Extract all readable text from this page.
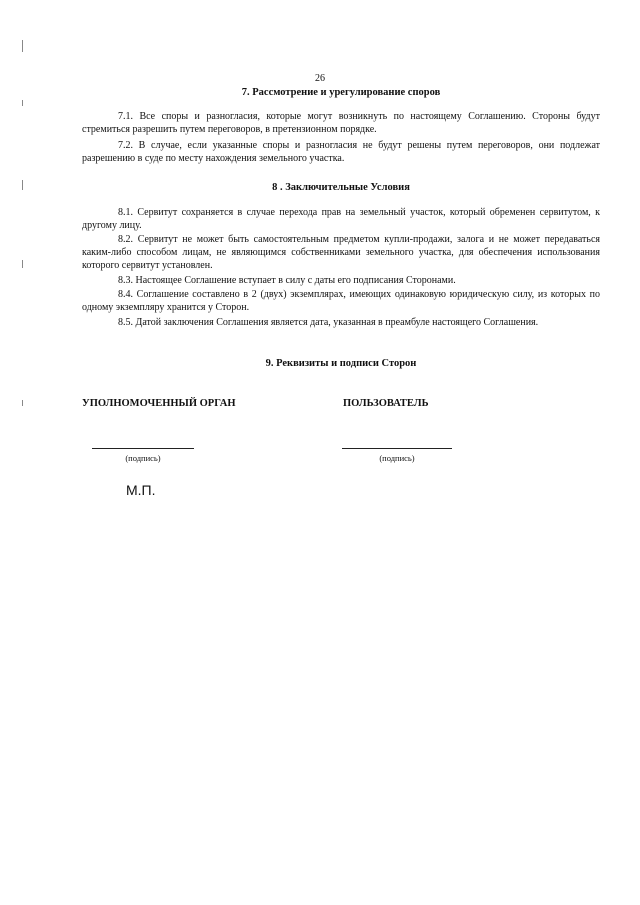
26
7. Рассмотрение и урегулирование споров

7.1. Все споры и разногласия, которые могут возникнуть по настоящему Соглашению. Стороны будут стремиться разрешить путем переговоров, в претензионном порядке.

7.2. В случае, если указанные споры и разногласия не будут решены путем переговоров, они подлежат разрешению в суде по месту нахождения земельного участка.

8 . Заключительные Условия

8.1. Сервитут сохраняется в случае перехода прав на земельный участок, который обременен сервитутом, к другому лицу.

8.2. Сервитут не может быть самостоятельным предметом купли-продажи, залога и не может передаваться каким-либо способом лицам, не являющимся собственниками земельного участка, для обеспечения использования которого сервитут установлен.

8.3. Настоящее Соглашение вступает в силу с даты его подписания Сторонами.

8.4. Соглашение составлено в 2 (двух) экземплярах, имеющих одинаковую юридическую силу, из которых по одному экземпляру хранится у Сторон.

8.5. Датой заключения Соглашения является дата, указанная в преамбуле настоящего Соглашения.

9. Реквизиты и подписи Сторон
УПОЛНОМОЧЕННЫЙ ОРГАН	ПОЛЬЗОВАТЕЛЬ
(подпись)	(подпись)
М.П.
